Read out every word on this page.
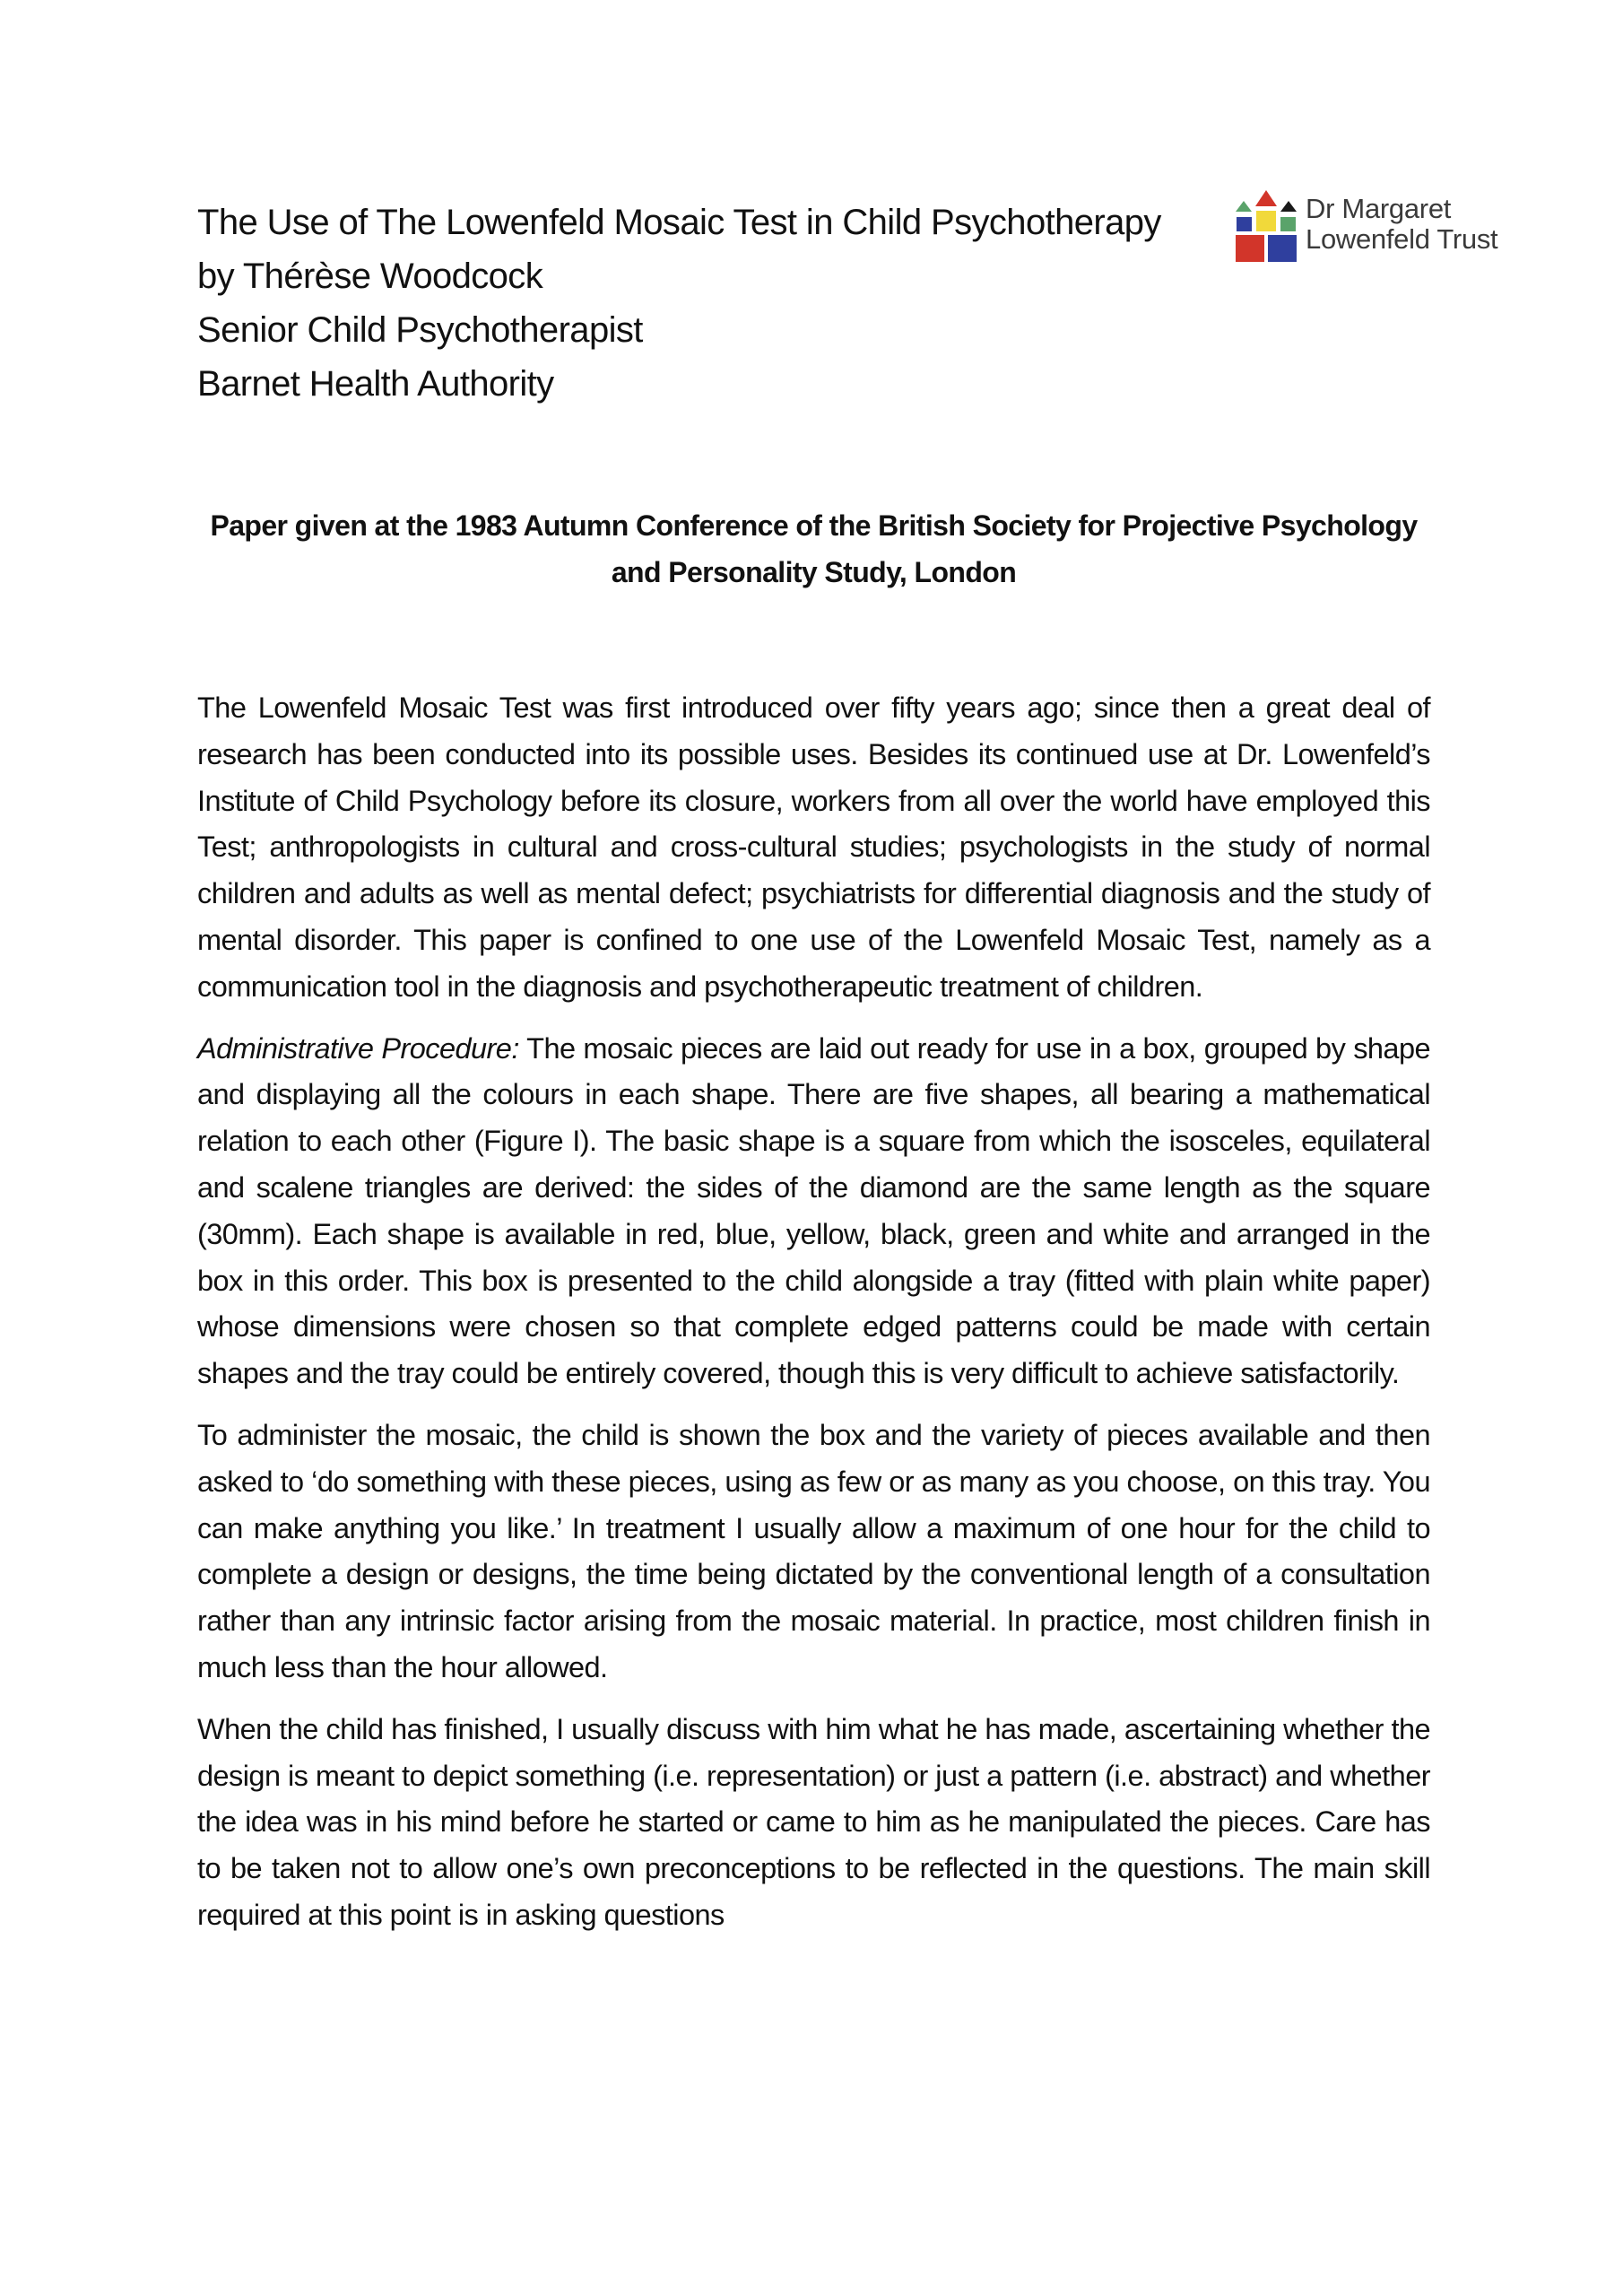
The Use of The Lowenfeld Mosaic Test in Child Psychotherapy
by Thérèse Woodcock
Senior Child Psychotherapist
Barnet Health Authority
Dr Margaret
Lowenfeld Trust
Paper given at the 1983 Autumn Conference of the British Society for Projective Psychology and Personality Study, London

The Lowenfeld Mosaic Test was first introduced over fifty years ago; since then a great deal of research has been conducted into its possible uses. Besides its continued use at Dr. Lowenfeld’s Institute of Child Psychology before its closure, workers from all over the world have employed this Test; anthropologists in cultural and cross-cultural studies; psychologists in the study of normal children and adults as well as mental defect; psychiatrists for differential diagnosis and the study of mental disorder. This paper is confined to one use of the Lowenfeld Mosaic Test, namely as a communication tool in the diagnosis and psychotherapeutic treatment of children.

Administrative Procedure: The mosaic pieces are laid out ready for use in a box, grouped by shape and displaying all the colours in each shape. There are five shapes, all bearing a mathematical relation to each other (Figure I). The basic shape is a square from which the isosceles, equilateral and scalene triangles are derived: the sides of the diamond are the same length as the square (30mm). Each shape is available in red, blue, yellow, black, green and white and arranged in the box in this order. This box is presented to the child alongside a tray (fitted with plain white paper) whose dimensions were chosen so that complete edged patterns could be made with certain shapes and the tray could be entirely covered, though this is very difficult to achieve satisfactorily.

To administer the mosaic, the child is shown the box and the variety of pieces available and then asked to ‘do something with these pieces, using as few or as many as you choose, on this tray. You can make anything you like.’ In treatment I usually allow a maximum of one hour for the child to complete a design or designs, the time being dictated by the conventional length of a consultation rather than any intrinsic factor arising from the mosaic material. In practice, most children finish in much less than the hour allowed.

When the child has finished, I usually discuss with him what he has made, ascertaining whether the design is meant to depict something (i.e. representation) or just a pattern (i.e. abstract) and whether the idea was in his mind before he started or came to him as he manipulated the pieces. Care has to be taken not to allow one’s own preconceptions to be reflected in the questions. The main skill required at this point is in asking questions
